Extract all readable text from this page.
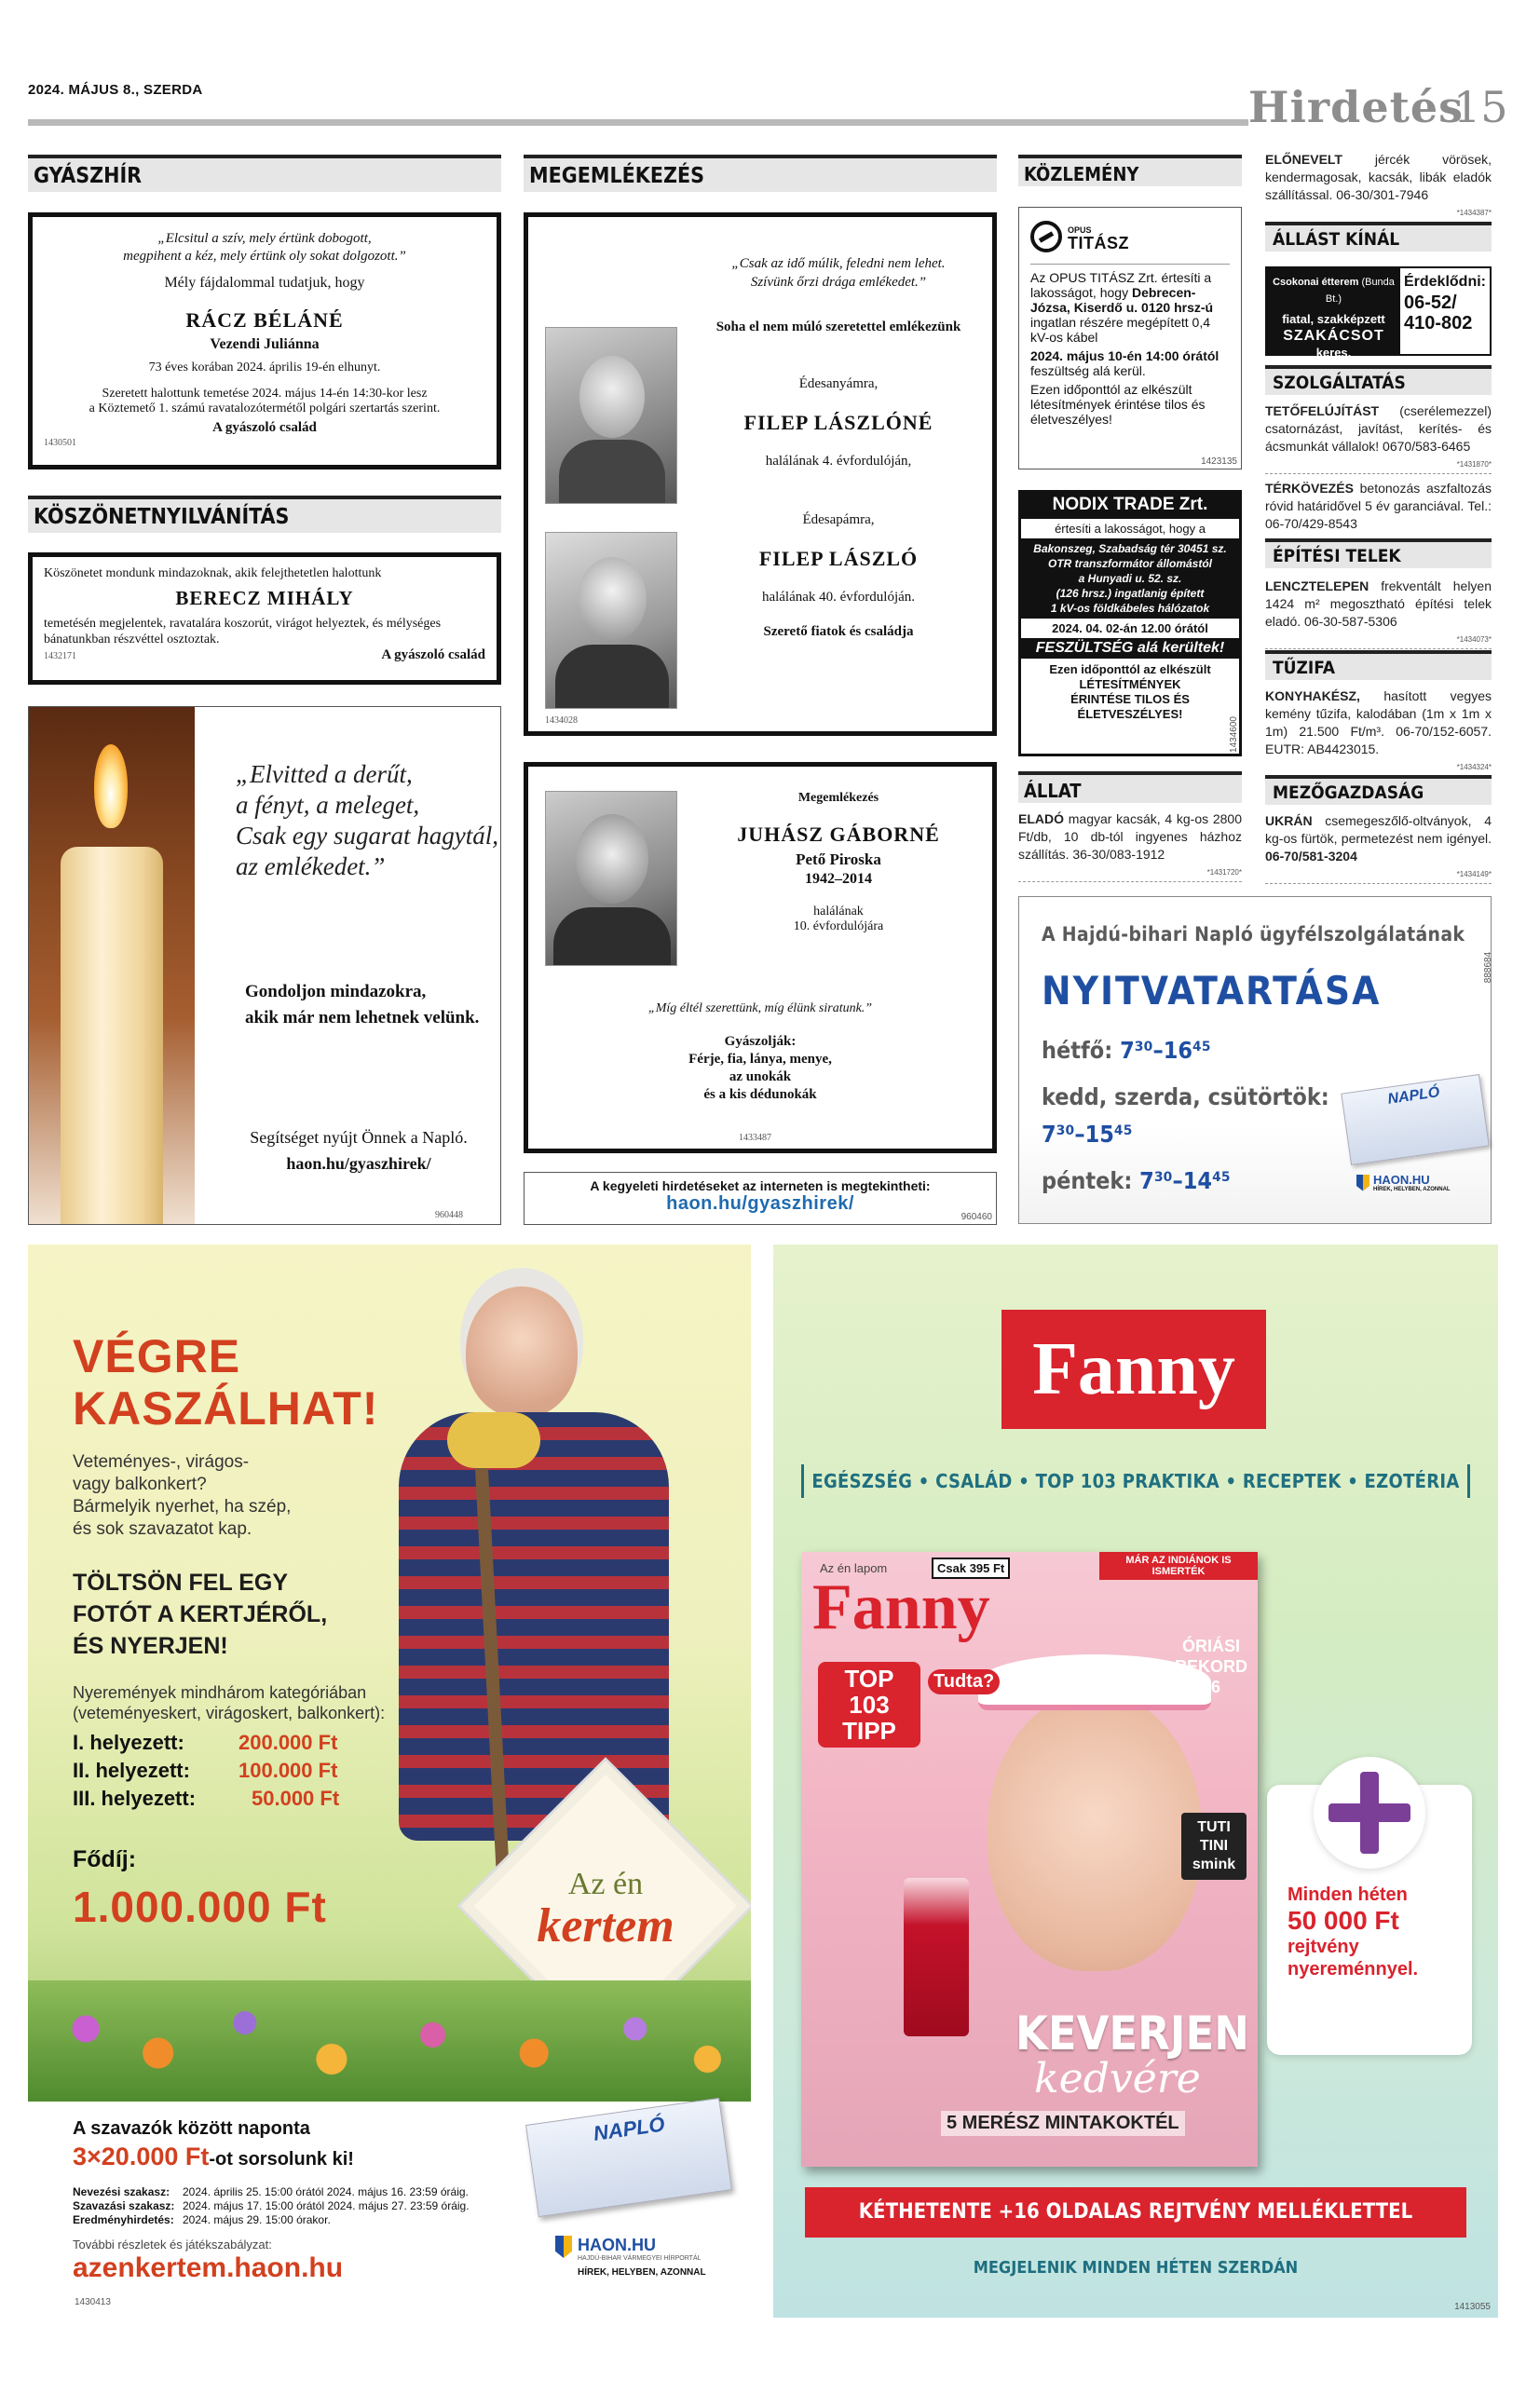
2024. MÁJUS 8., SZERDA	Hirdetés
15
GYÁSZHÍR
„Elcsitul a szív, mely értünk dobogott,
megpihent a kéz, mely értünk oly sokat dolgozott.”
Mély fájdalommal tudatjuk, hogy
RÁCZ BÉLÁNÉ
Vezendi Juliánna
73 éves korában 2024. április 19-én elhunyt.
Szeretett halottunk temetése 2024. május 14-én 14:30-kor lesz
a Köztemető 1. számú ravatalozótermétől polgári szertartás szerint.
A gyászoló család
1430501
KÖSZÖNETNYILVÁNÍTÁS
Köszönetet mondunk mindazoknak, akik felejthetetlen halottunk
BERECZ MIHÁLY
temetésén megjelentek, ravatalára koszorút, virágot helyeztek, és mélységes bánatunkban részvéttel osztoztak.
1432171	A gyászoló család
„Elvitted a derűt,
a fényt, a meleget,
Csak egy sugarat hagytál,
az emlékedet.”
Gondoljon mindazokra,
akik már nem lehetnek velünk.
Segítséget nyújt Önnek a Napló.
haon.hu/gyaszhirek/
960448
MEGEMLÉKEZÉS
„Csak az idő múlik, feledni nem lehet.
Szívünk őrzi drága emlékedet.”
Soha el nem múló szeretettel emlékezünk
Édesanyámra,
FILEP LÁSZLÓNÉ
halálának 4. évfordulóján,
Édesapámra,
FILEP LÁSZLÓ
halálának 40. évfordulóján.
Szerető fiatok és családja
1434028
Megemlékezés
JUHÁSZ GÁBORNÉ
Pető Piroska
1942–2014
halálának
10. évfordulójára
„Míg éltél szerettünk, míg élünk siratunk.”
Gyászolják:
Férje, fia, lánya, menye,
az unokák
és a kis dédunokák
1433487
A kegyeleti hirdetéseket az interneten is megtekintheti:
haon.hu/gyaszhirek/
960460
KÖZLEMÉNY
OPUS
TITÁSZ
Az OPUS TITÁSZ Zrt. értesíti a lakosságot, hogy Debrecen-Józsa, Kiserdő u. 0120 hrsz-ú ingatlan részére megépített 0,4 kV-os kábel
2024. május 10-én 14:00 órától feszültség alá kerül.
Ezen időponttól az elkészült létesítmények érintése tilos és életveszélyes!
1423135
NODIX TRADE Zrt.
értesíti a lakosságot, hogy a
Bakonszeg, Szabadság tér 30451 sz.
OTR transzformátor állomástól
a Hunyadi u. 52. sz.
(126 hrsz.) ingatlanig épített
1 kV-os földkábeles hálózatok
2024. 04. 02-án 12.00 órától
FESZÜLTSÉG alá kerültek!
Ezen időponttól az elkészült
LÉTESÍTMÉNYEK
ÉRINTÉSE TILOS ÉS
ÉLETVESZÉLYES!
1434600
ÁLLAT
ELADÓ magyar kacsák, 4 kg-os 2800 Ft/db, 10 db-tól ingyenes házhoz szállítás. 36-30/083-1912
*1431720*
A Hajdú-bihari Napló ügyfélszolgálatának
NYITVATARTÁSA
hétfő: 7³⁰–16⁴⁵
kedd, szerda, csütörtök:
7³⁰–15⁴⁵
péntek: 7³⁰–14⁴⁵
NAPLÓ
HAON.HU
HÍREK, HELYBEN, AZONNAL
888684
ELŐNEVELT jércék vörösek, kendermagosak, kacsák, libák eladók szállítással. 06-30/301-7946
*1434387*
ÁLLÁST KÍNÁL
Csokonai étterem (Bunda Bt.)
fiatal, szakképzett
SZAKÁCSOT
keres.
Érdeklődni:
06-52/
410-802
SZOLGÁLTATÁS
TETŐFELÚJÍTÁST (cserélemezzel) csatornázást, javítást, kerítés- és ácsmunkát vállalok! 0670/583-6465
*1431870*
TÉRKÖVEZÉS betonozás aszfaltozás róvid határidővel 5 év garanciával. Tel.: 06-70/429-8543
ÉPÍTÉSI TELEK
LENCZTELEPEN frekventált helyen 1424 m² megosztható építési telek eladó. 06-30-587-5306
*1434073*
TŰZIFA
KONYHAKÉSZ, hasított vegyes kemény tűzifa, kalodában (1m x 1m x 1m) 21.500 Ft/m³. 06-70/152-6057. EUTR: AB4423015.
*1434324*
MEZŐGAZDASÁG
UKRÁN csemegeszőlő-oltványok, 4 kg-os fürtök, permetezést nem igényel. 06-70/581-3204
*1434149*
Az én
kertem
VÉGRE
KASZÁLHAT!
Veteményes-, virágos-
vagy balkonkert?
Bármelyik nyerhet, ha szép,
és sok szavazatot kap.
TÖLTSÖN FEL EGY
FOTÓT A KERTJÉRŐL,
ÉS NYERJEN!
Nyeremények mindhárom kategóriában
(veteményeskert, virágoskert, balkonkert):
I. helyezett:	200.000 Ft
II. helyezett: 100.000 Ft
III. helyezett:	50.000 Ft
Fődíj:
1.000.000 Ft
A szavazók között naponta
3×20.000 Ft-ot sorsolunk ki!
Nevezési szakasz: 2024. április 25. 15:00 órától 2024. május 16. 23:59 óráig.
Szavazási szakasz: 2024. május 17. 15:00 órától 2024. május 27. 23:59 óráig.
Eredményhirdetés: 2024. május 29. 15:00 órakor.
További részletek és játékszabályzat:
azenkertem.haon.hu
1430413
NAPLÓ
HAON.HU
HAJDÚ-BIHAR VÁRMEGYEI HÍRPORTÁL
HÍREK, HELYBEN, AZONNAL
Fanny
EGÉSZSÉG • CSALÁD • TOP 103 PRAKTIKA • RECEPTEK • EZOTÉRIA
Az én lapom	Csak 395 Ft
Fanny
MÁR AZ INDIÁNOK IS ISMERTÉK
TOP 103 TIPP
Tudta?
ÓRIÁSI REKORD 16
TUTI TINI smink
KEVERJEN
kedvére
5 MERÉSZ MINTAKOKTÉL
Minden héten
50 000 Ft
rejtvény
nyereménnyel.
KÉTHETENTE +16 OLDALAS REJTVÉNY MELLÉKLETTEL
MEGJELENIK MINDEN HÉTEN SZERDÁN
1413055
